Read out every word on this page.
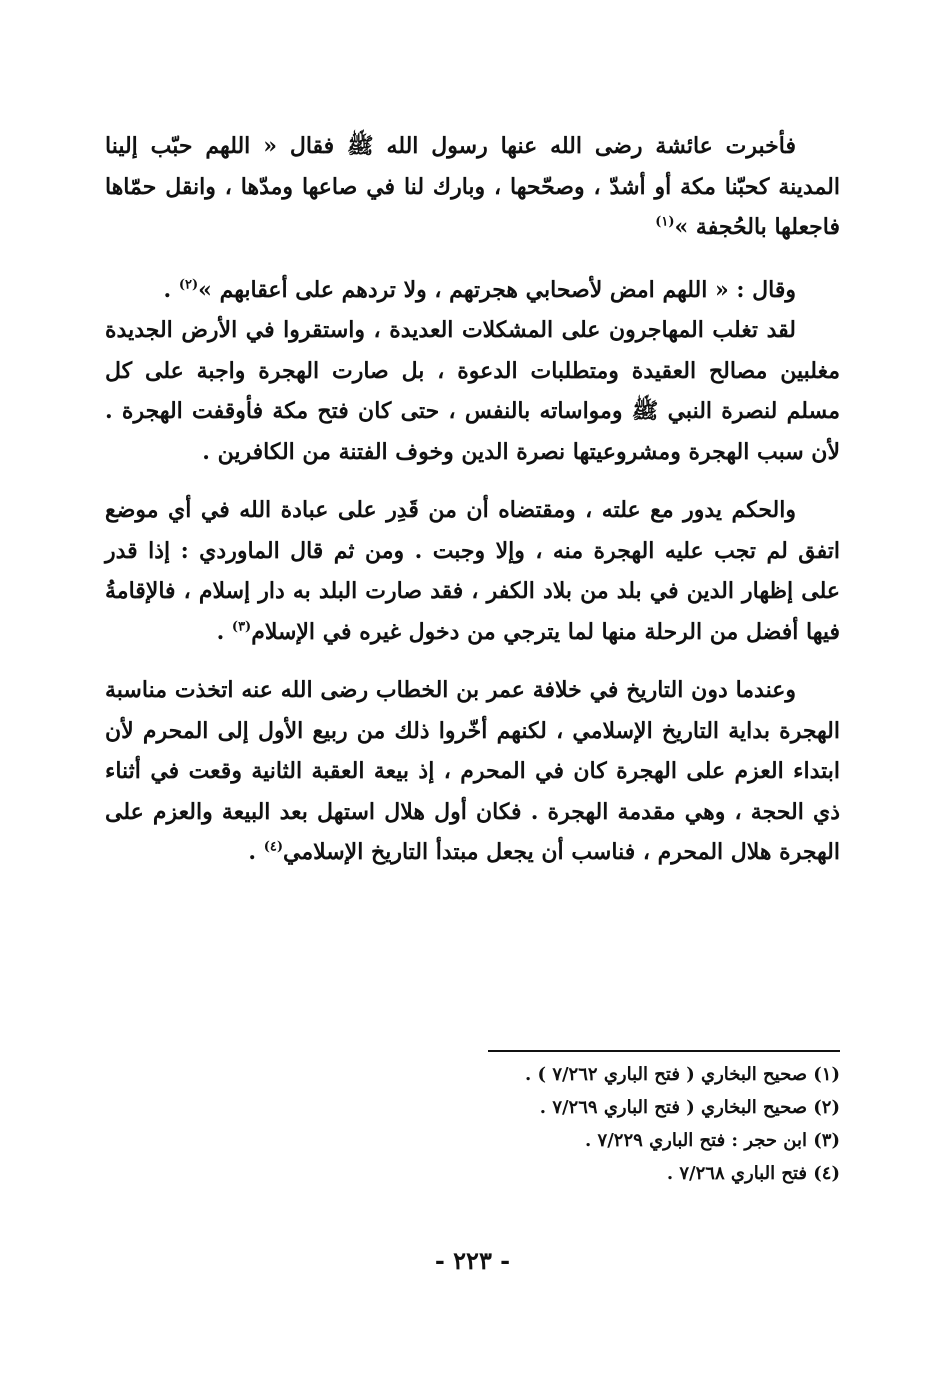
فأخبرت عائشة رضى الله عنها رسول الله ﷺ فقال « اللهم حبّب إلينا المدينة كحبّنا مكة أو أشدّ ، وصحّحها ، وبارك لنا في صاعها ومدّها ، وانقل حمّاها فاجعلها بالحُجفة »$^{(١)}$

وقال : « اللهم امض لأصحابي هجرتهم ، ولا تردهم على أعقابهم »$^{(٢)}$ .

لقد تغلب المهاجرون على المشكلات العديدة ، واستقروا في الأرض الجديدة مغلبين مصالح العقيدة ومتطلبات الدعوة ، بل صارت الهجرة واجبة على كل مسلم لنصرة النبي ﷺ ومواساته بالنفس ، حتى كان فتح مكة فأوقفت الهجرة . لأن سبب الهجرة ومشروعيتها نصرة الدين وخوف الفتنة من الكافرين .

والحكم يدور مع علته ، ومقتضاه أن من قَدِر على عبادة الله في أي موضع اتفق لم تجب عليه الهجرة منه ، وإلا وجبت . ومن ثم قال الماوردي : إذا قدر على إظهار الدين في بلد من بلاد الكفر ، فقد صارت البلد به دار إسلام ، فالإقامةُ فيها أفضل من الرحلة منها لما يترجي من دخول غيره في الإسلام$^{(٣)}$ .

وعندما دون التاريخ في خلافة عمر بن الخطاب رضى الله عنه اتخذت مناسبة الهجرة بداية التاريخ الإسلامي ، لكنهم أخّروا ذلك من ربيع الأول إلى المحرم لأن ابتداء العزم على الهجرة كان في المحرم ، إذ بيعة العقبة الثانية وقعت في أثناء ذي الحجة ، وهي مقدمة الهجرة . فكان أول هلال استهل بعد البيعة والعزم على الهجرة هلال المحرم ، فناسب أن يجعل مبتدأ التاريخ الإسلامي$^{(٤)}$ .

(١) صحيح البخاري ( فتح الباري ٧/٢٦٢ ) .
(٢) صحيح البخاري ( فتح الباري ٧/٢٦٩ .
(٣) ابن حجر : فتح الباري ٧/٢٢٩ .
(٤) فتح الباري ٧/٢٦٨ .
- ٢٢٣ -
